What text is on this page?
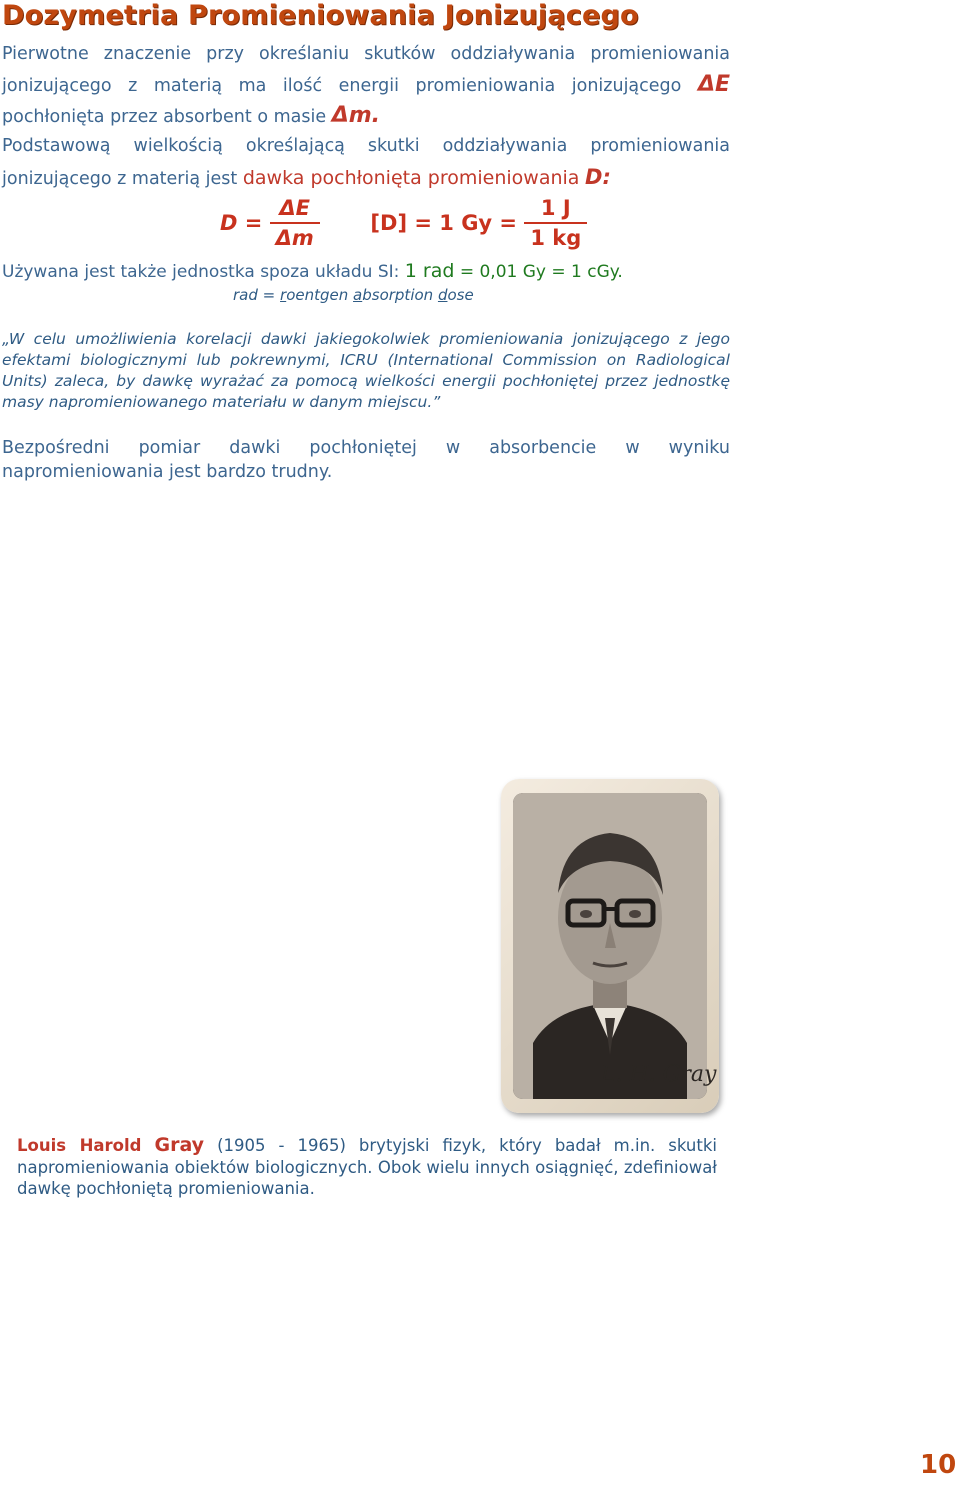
Dozymetria Promieniowania Jonizującego
Pierwotne znaczenie przy określaniu skutków oddziaływania promieniowania jonizującego z materią ma ilość energii promieniowania jonizującego ΔE pochłonięta przez absorbent o masie Δm.
Podstawową wielkością określającą skutki oddziaływania promieniowania jonizującego z materią jest dawka pochłonięta promieniowania D:
$D = \frac{\Delta E}{\Delta m} [D] = 1$ $Gy = \frac{1 J}{1 kg}$
Używana jest także jednostka spoza układu SI: 1 rad = 0,01 Gy = 1 cGy.
rad = roentgen absorption dose
„W celu umożliwienia korelacji dawki jakiegokolwiek promieniowania jonizującego z jego efektami biologicznymi lub pokrewnymi, ICRU (International Commission on Radiological Units) zaleca, by dawkę wyrażać za pomocą wielkości energii pochłoniętej przez jednostkę masy napromieniowanego materiału w danym miejscu.”
Bezpośredni pomiar dawki pochłoniętej w absorbencie w wyniku napromieniowania jest bardzo trudny.
L. H. Gray
Louis Harold Gray (1905 - 1965) brytyjski fizyk, który badał m.in. skutki napromieniowania obiektów biologicznych. Obok wielu innych osiągnięć, zdefiniował dawkę pochłoniętą promieniowania.
10
